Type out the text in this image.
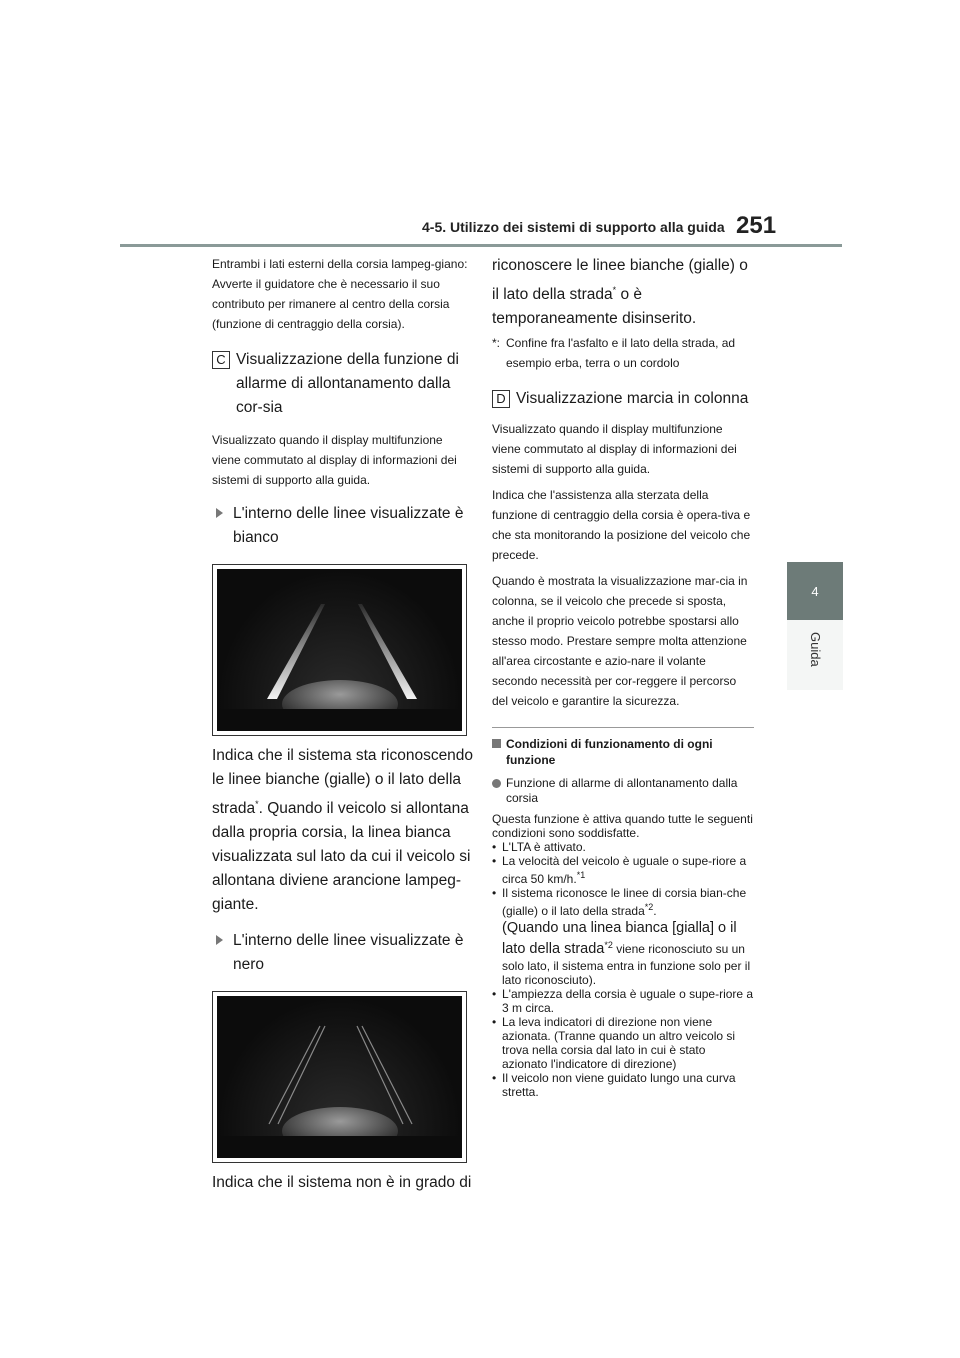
4-5. Utilizzo dei sistemi di supporto alla guida 251
4
Guida
Entrambi i lati esterni della corsia lampeg-giano: Avverte il guidatore che è necessario il suo contributo per rimanere al centro della corsia (funzione di centraggio della corsia).
C Visualizzazione della funzione di allarme di allontanamento dalla cor-sia
Visualizzato quando il display multifunzione viene commutato al display di informazioni dei sistemi di supporto alla guida.
L'interno delle linee visualizzate è bianco
Indica che il sistema sta riconoscendo le linee bianche (gialle) o il lato della strada*. Quando il veicolo si allontana dalla propria corsia, la linea bianca visualizzata sul lato da cui il veicolo si allontana diviene arancione lampeg-giante.
L'interno delle linee visualizzate è nero
Indica che il sistema non è in grado di
riconoscere le linee bianche (gialle) o il lato della strada* o è temporaneamente disinserito.
*: Confine fra l'asfalto e il lato della strada, ad esempio erba, terra o un cordolo
D Visualizzazione marcia in colonna
Visualizzato quando il display multifunzione viene commutato al display di informazioni dei sistemi di supporto alla guida.
Indica che l'assistenza alla sterzata della funzione di centraggio della corsia è opera-tiva e che sta monitorando la posizione del veicolo che precede.
Quando è mostrata la visualizzazione mar-cia in colonna, se il veicolo che precede si sposta, anche il proprio veicolo potrebbe spostarsi allo stesso modo. Prestare sempre molta attenzione all'area circostante e azio-nare il volante secondo necessità per cor-reggere il percorso del veicolo e garantire la sicurezza.
Condizioni di funzionamento di ogni funzione
Funzione di allarme di allontanamento dalla corsia
Questa funzione è attiva quando tutte le seguenti condizioni sono soddisfatte.
• L'LTA è attivato.
• La velocità del veicolo è uguale o supe-riore a circa 50 km/h.$^{*1}$
• Il sistema riconosce le linee di corsia bian-che (gialle) o il lato della strada$^{*2}$.
(Quando una linea bianca [gialla] o il lato della strada$^{*2}$ viene riconosciuto su un solo lato, il sistema entra in funzione solo per il lato riconosciuto).
• L'ampiezza della corsia è uguale o supe-riore a 3 m circa.
• La leva indicatori di direzione non viene azionata. (Tranne quando un altro veicolo si trova nella corsia dal lato in cui è stato azionato l'indicatore di direzione)
• Il veicolo non viene guidato lungo una curva stretta.
